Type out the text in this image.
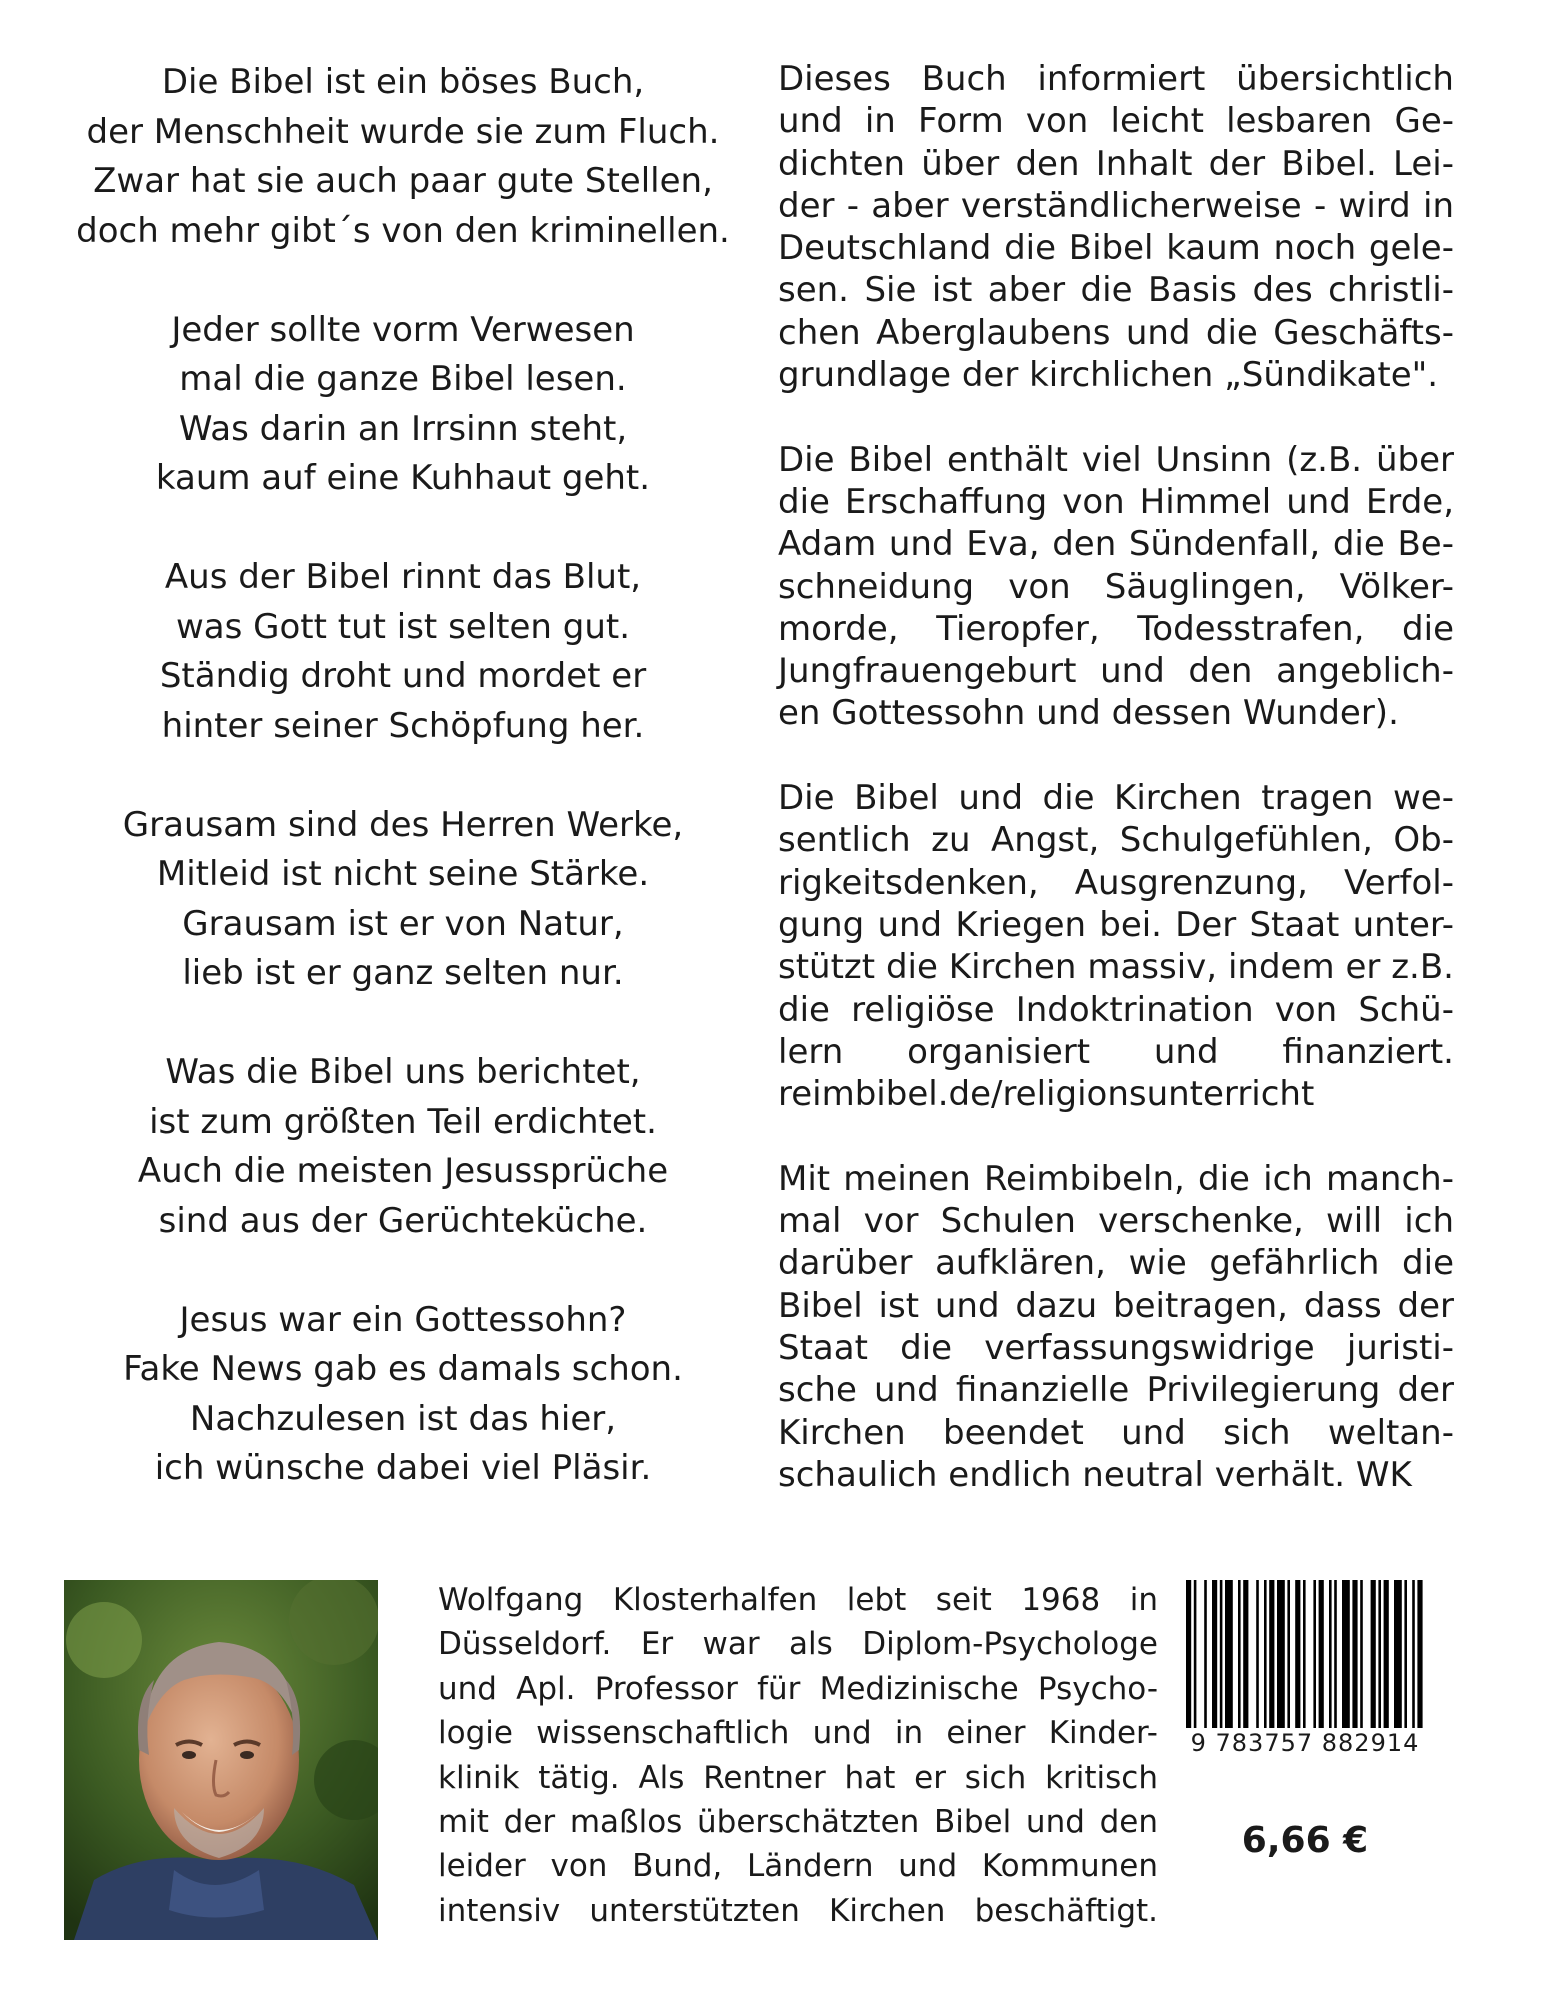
Die Bibel ist ein böses Buch,
der Menschheit wurde sie zum Fluch.
Zwar hat sie auch paar gute Stellen,
doch mehr gibt´s von den kriminellen.
Jeder sollte vorm Verwesen
mal die ganze Bibel lesen.
Was darin an Irrsinn steht,
kaum auf eine Kuhhaut geht.
Aus der Bibel rinnt das Blut,
was Gott tut ist selten gut.
Ständig droht und mordet er
hinter seiner Schöpfung her.
Grausam sind des Herren Werke,
Mitleid ist nicht seine Stärke.
Grausam ist er von Natur,
lieb ist er ganz selten nur.
Was die Bibel uns berichtet,
ist zum größten Teil erdichtet.
Auch die meisten Jesussprüche
sind aus der Gerüchteküche.
Jesus war ein Gottessohn?
Fake News gab es damals schon.
Nachzulesen ist das hier,
ich wünsche dabei viel Pläsir.
Dieses Buch informiert übersichtlich
und in Form von leicht lesbaren Ge-
dichten über den Inhalt der Bibel. Lei-
der - aber verständlicherweise - wird in
Deutschland die Bibel kaum noch gele-
sen. Sie ist aber die Basis des christli-
chen Aberglaubens und die Geschäfts-
grundlage der kirchlichen „Sündikate".
Die Bibel enthält viel Unsinn (z.B. über
die Erschaffung von Himmel und Erde,
Adam und Eva, den Sündenfall, die Be-
schneidung von Säuglingen, Völker-
morde, Tieropfer, Todesstrafen, die
Jungfrauengeburt und den angeblich-
en Gottessohn und dessen Wunder).
Die Bibel und die Kirchen tragen we-
sentlich zu Angst, Schulgefühlen, Ob-
rigkeitsdenken, Ausgrenzung, Verfol-
gung und Kriegen bei. Der Staat unter-
stützt die Kirchen massiv, indem er z.B.
die religiöse Indoktrination von Schü-
lern organisiert und finanziert.
reimbibel.de/religionsunterricht
Mit meinen Reimbibeln, die ich manch-
mal vor Schulen verschenke, will ich
darüber aufklären, wie gefährlich die
Bibel ist und dazu beitragen, dass der
Staat die verfassungswidrige juristi-
sche und finanzielle Privilegierung der
Kirchen beendet und sich weltan-
schaulich endlich neutral verhält. WK
Wolfgang Klosterhalfen lebt seit 1968 in
Düsseldorf. Er war als Diplom-Psychologe
und Apl. Professor für Medizinische Psycho-
logie wissenschaftlich und in einer Kinder-
klinik tätig. Als Rentner hat er sich kritisch
mit der maßlos überschätzten Bibel und den
leider von Bund, Ländern und Kommunen
intensiv unterstützten Kirchen beschäftigt.
9 783757 882914
6,66 €
